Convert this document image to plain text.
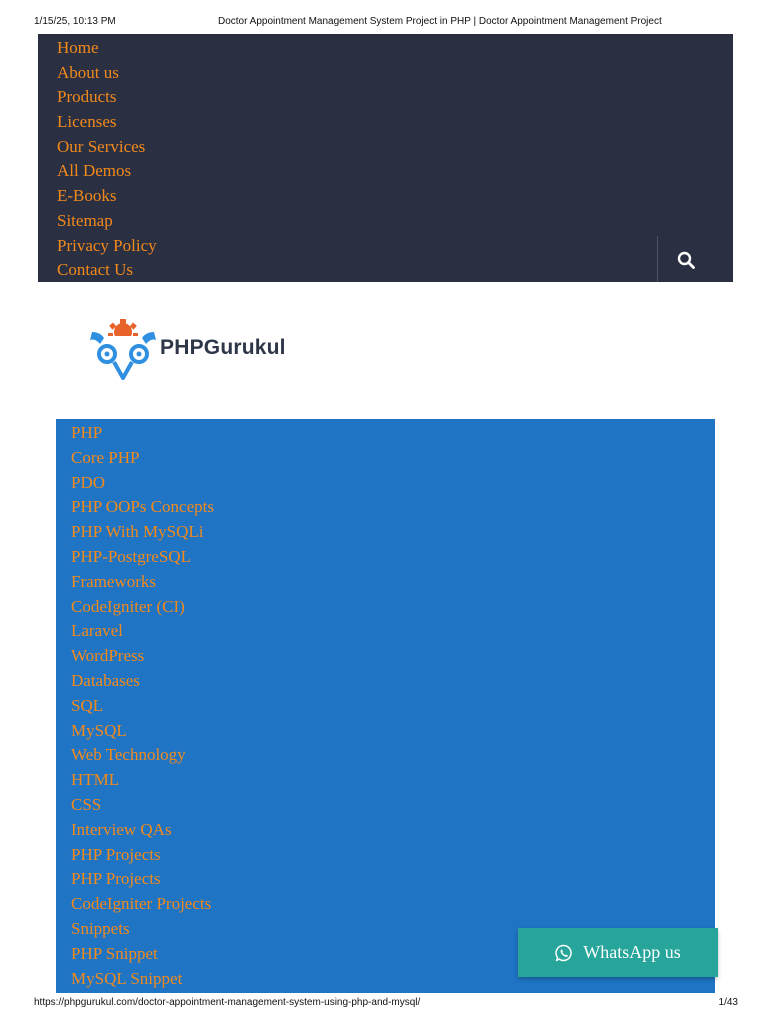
1/15/25, 10:13 PM	Doctor Appointment Management System Project in PHP | Doctor Appointment Management Project
Home
About us
Products
Licenses
Our Services
All Demos
E-Books
Sitemap
Privacy Policy
Contact Us
PHPGurukul
PHP
Core PHP
PDO
PHP OOPs Concepts
PHP With MySQLi
PHP-PostgreSQL
Frameworks
CodeIgniter (CI)
Laravel
WordPress
Databases
SQL
MySQL
Web Technology
HTML
CSS
Interview QAs
PHP Projects
PHP Projects
CodeIgniter Projects
Snippets
PHP Snippet
MySQL Snippet
WhatsApp us
https://phpgurukul.com/doctor-appointment-management-system-using-php-and-mysql/	1/43
